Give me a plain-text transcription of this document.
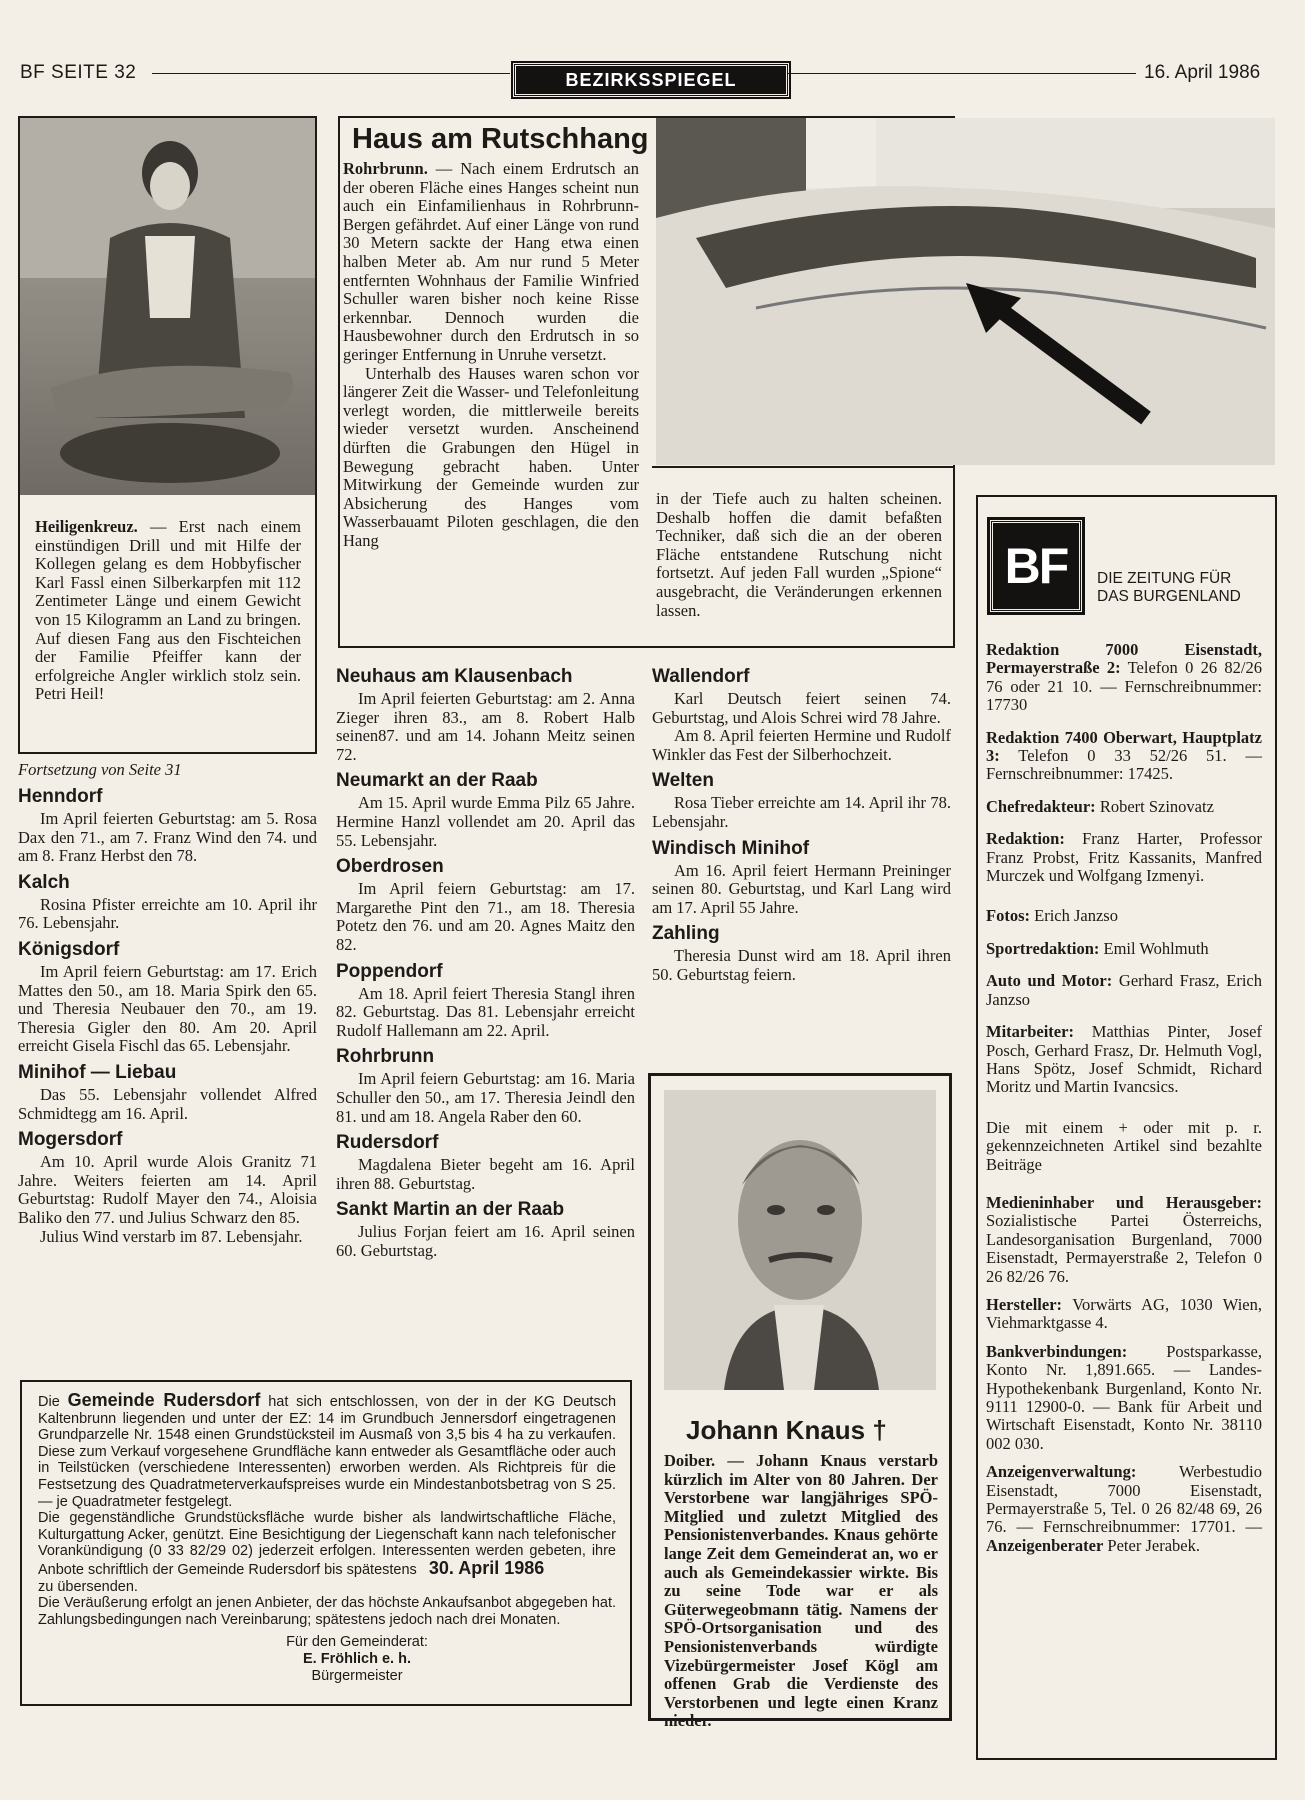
BF SEITE 32	BEZIRKSSPIEGEL	16. April 1986
Heiligenkreuz. — Erst nach einem einstündigen Drill und mit Hilfe der Kollegen gelang es dem Hobbyfischer Karl Fassl einen Silberkarpfen mit 112 Zentimeter Länge und einem Gewicht von 15 Kilogramm an Land zu bringen. Auf diesen Fang aus den Fischteichen der Familie Pfeiffer kann der erfolgreiche Angler wirklich stolz sein. Petri Heil!
Haus am Rutschhang

Rohrbrunn. — Nach einem Erdrutsch an der oberen Fläche eines Hanges scheint nun auch ein Einfamilienhaus in Rohrbrunn-Bergen gefährdet. Auf einer Länge von rund 30 Metern sackte der Hang etwa einen halben Meter ab. Am nur rund 5 Meter entfernten Wohnhaus der Familie Winfried Schuller waren bisher noch keine Risse erkennbar. Dennoch wurden die Hausbewohner durch den Erdrutsch in so geringer Entfernung in Unruhe versetzt.

Unterhalb des Hauses waren schon vor längerer Zeit die Wasser- und Telefonleitung verlegt worden, die mittlerweile bereits wieder versetzt wurden. Anscheinend dürften die Grabungen den Hügel in Bewegung gebracht haben. Unter Mitwirkung der Gemeinde wurden zur Absicherung des Hanges vom Wasserbauamt Piloten geschlagen, die den Hang

in der Tiefe auch zu halten scheinen. Deshalb hoffen die damit befaßten Techniker, daß sich die an der oberen Fläche entstandene Rutschung nicht fortsetzt. Auf jeden Fall wurden „Spione“ ausgebracht, die Veränderungen erkennen lassen.

Fortsetzung von Seite 31
Henndorf

Im April feierten Geburtstag: am 5. Rosa Dax den 71., am 7. Franz Wind den 74. und am 8. Franz Herbst den 78.

Kalch

Rosina Pfister erreichte am 10. April ihr 76. Lebensjahr.

Königsdorf

Im April feiern Geburtstag: am 17. Erich Mattes den 50., am 18. Maria Spirk den 65. und Theresia Neubauer den 70., am 19. Theresia Gigler den 80. Am 20. April erreicht Gisela Fischl das 65. Lebensjahr.

Minihof — Liebau

Das 55. Lebensjahr vollendet Alfred Schmidtegg am 16. April.

Mogersdorf

Am 10. April wurde Alois Granitz 71 Jahre. Weiters feierten am 14. April Geburtstag: Rudolf Mayer den 74., Aloisia Baliko den 77. und Julius Schwarz den 85.

Julius Wind verstarb im 87. Lebensjahr.

Neuhaus am Klausenbach

Im April feierten Geburtstag: am 2. Anna Zieger ihren 83., am 8. Robert Halb seinen87. und am 14. Johann Meitz seinen 72.

Neumarkt an der Raab

Am 15. April wurde Emma Pilz 65 Jahre. Hermine Hanzl vollendet am 20. April das 55. Lebensjahr.

Oberdrosen

Im April feiern Geburtstag: am 17. Margarethe Pint den 71., am 18. Theresia Potetz den 76. und am 20. Agnes Maitz den 82.

Poppendorf

Am 18. April feiert Theresia Stangl ihren 82. Geburtstag. Das 81. Lebensjahr erreicht Rudolf Hallemann am 22. April.

Rohrbrunn

Im April feiern Geburtstag: am 16. Maria Schuller den 50., am 17. Theresia Jeindl den 81. und am 18. Angela Raber den 60.

Rudersdorf

Magdalena Bieter begeht am 16. April ihren 88. Geburtstag.

Sankt Martin an der Raab

Julius Forjan feiert am 16. April seinen 60. Geburtstag.

Wallendorf

Karl Deutsch feiert seinen 74. Geburtstag, und Alois Schrei wird 78 Jahre.

Am 8. April feierten Hermine und Rudolf Winkler das Fest der Silberhochzeit.

Welten

Rosa Tieber erreichte am 14. April ihr 78. Lebensjahr.

Windisch Minihof

Am 16. April feiert Hermann Preininger seinen 80. Geburtstag, und Karl Lang wird am 17. April 55 Jahre.

Zahling

Theresia Dunst wird am 18. April ihren 50. Geburtstag feiern.

Die Gemeinde Rudersdorf hat sich entschlossen, von der in der KG Deutsch Kaltenbrunn liegenden und unter der EZ: 14 im Grundbuch Jennersdorf eingetragenen Grundparzelle Nr. 1548 einen Grundstücksteil im Ausmaß von 3,5 bis 4 ha zu verkaufen. Diese zum Verkauf vorgesehene Grundfläche kann entweder als Gesamtfläche oder auch in Teilstücken (verschiedene Interessenten) erworben werden. Als Richtpreis für die Festsetzung des Quadratmeterverkaufspreises wurde ein Mindestanbotsbetrag von S 25.— je Quadratmeter festgelegt.
Die gegenständliche Grundstücksfläche wurde bisher als landwirtschaftliche Fläche, Kulturgattung Acker, genützt. Eine Besichtigung der Liegenschaft kann nach telefonischer Vorankündigung (0 33 82/29 02) jederzeit erfolgen. Interessenten werden gebeten, ihre Anbote schriftlich der Gemeinde Rudersdorf bis spätestens 30. April 1986
zu übersenden.
Die Veräußerung erfolgt an jenen Anbieter, der das höchste Ankaufsanbot abgegeben hat. Zahlungsbedingungen nach Vereinbarung; spätestens jedoch nach drei Monaten.
Für den Gemeinderat:
E. Fröhlich e. h.
Bürgermeister
Johann Knaus †

Doiber. — Johann Knaus verstarb kürzlich im Alter von 80 Jahren. Der Verstorbene war langjähriges SPÖ-Mitglied und zuletzt Mitglied des Pensionistenverbandes. Knaus gehörte lange Zeit dem Gemeinderat an, wo er auch als Gemeindekassier wirkte. Bis zu seine Tode war er als Güterwegeobmann tätig. Namens der SPÖ-Ortsorganisation und des Pensionistenverbands würdigte Vizebürgermeister Josef Kögl am offenen Grab die Verdienste des Verstorbenen und legte einen Kranz nieder.

BF	DIE ZEITUNG FÜR
DAS BURGENLAND

Redaktion 7000 Eisenstadt, Permayerstraße 2: Telefon 0 26 82/26 76 oder 21 10. — Fernschreibnummer: 17730

Redaktion 7400 Oberwart, Hauptplatz 3: Telefon 0 33 52/26 51. — Fernschreibnummer: 17425.

Chefredakteur: Robert Szinovatz

Redaktion: Franz Harter, Professor Franz Probst, Fritz Kassanits, Manfred Murczek und Wolfgang Izmenyi.

Fotos: Erich Janzso

Sportredaktion: Emil Wohlmuth

Auto und Motor: Gerhard Frasz, Erich Janzso

Mitarbeiter: Matthias Pinter, Josef Posch, Gerhard Frasz, Dr. Helmuth Vogl, Hans Spötz, Josef Schmidt, Richard Moritz und Martin Ivancsics.

Die mit einem + oder mit p. r. gekennzeichneten Artikel sind bezahlte Beiträge

Medieninhaber und Herausgeber: Sozialistische Partei Österreichs, Landesorganisation Burgenland, 7000 Eisenstadt, Permayerstraße 2, Telefon 0 26 82/26 76.

Hersteller: Vorwärts AG, 1030 Wien, Viehmarktgasse 4.

Bankverbindungen: Postsparkasse, Konto Nr. 1,891.665. — Landes-Hypothekenbank Burgenland, Konto Nr. 9111 12900-0. — Bank für Arbeit und Wirtschaft Eisenstadt, Konto Nr. 38110 002 030.

Anzeigenverwaltung: Werbestudio Eisenstadt, 7000 Eisenstadt, Permayerstraße 5, Tel. 0 26 82/48 69, 26 76. — Fernschreibnummer: 17701. — Anzeigenberater Peter Jerabek.
